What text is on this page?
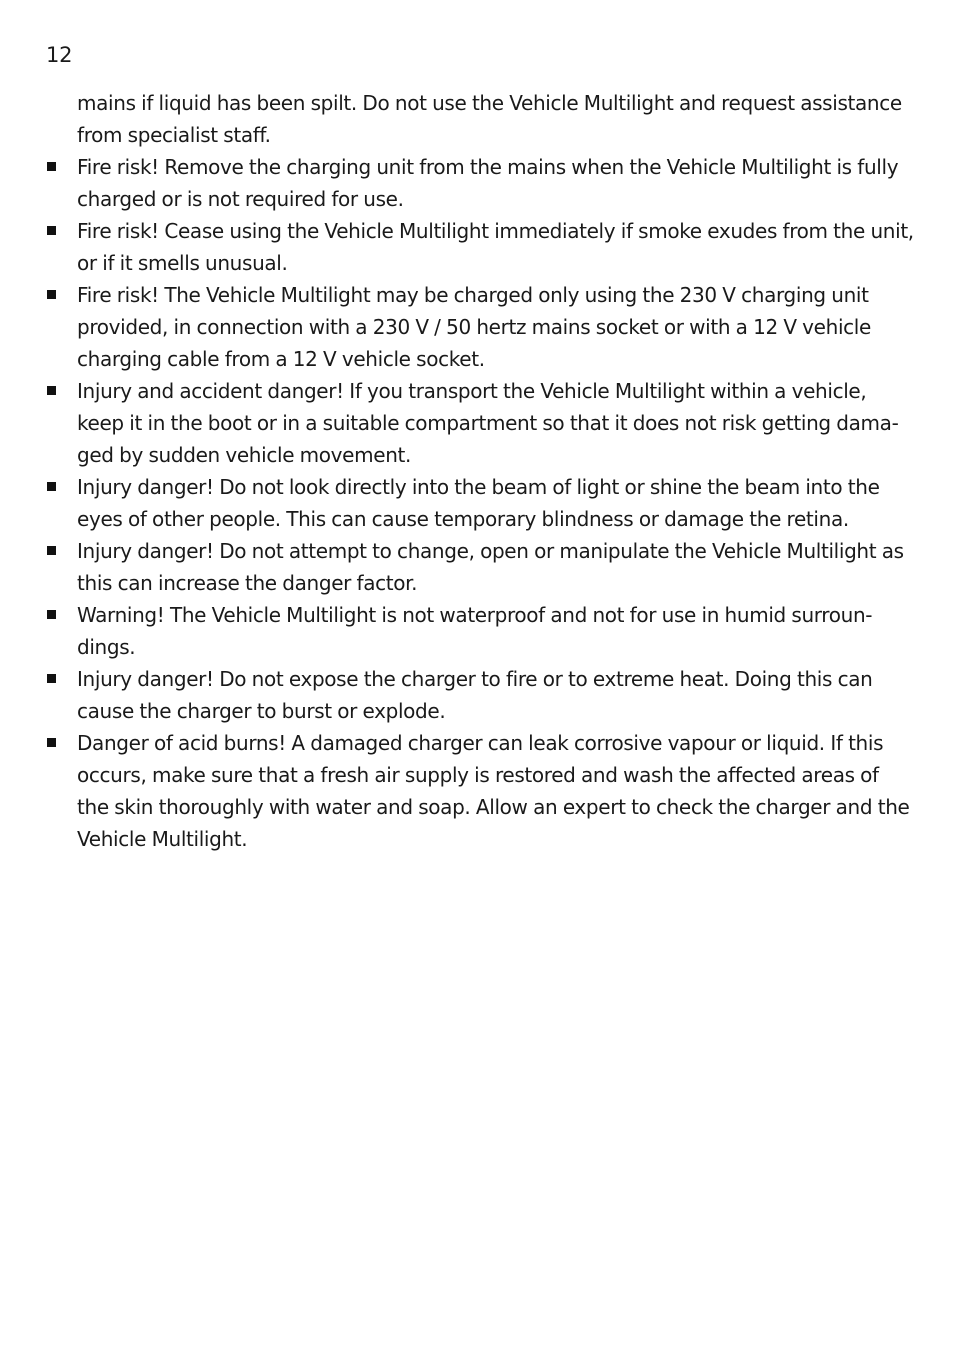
12

mains if liquid has been spilt. Do not use the Vehicle Multilight and request assistance from specialist staff.

Fire risk! Remove the charging unit from the mains when the Vehicle Multilight is fully charged or is not required for use.
Fire risk! Cease using the Vehicle Multilight immediately if smoke exudes from the unit, or if it smells unusual.
Fire risk! The Vehicle Multilight may be charged only using the 230 V charging unit provided, in connection with a 230 V / 50 hertz mains socket or with a 12 V vehicle charging cable from a 12 V vehicle socket.
Injury and accident danger! If you transport the Vehicle Multilight within a vehicle, keep it in the boot or in a suitable compartment so that it does not risk getting dama-ged by sudden vehicle movement.
Injury danger! Do not look directly into the beam of light or shine the beam into the eyes of other people. This can cause temporary blindness or damage the retina.
Injury danger! Do not attempt to change, open or manipulate the Vehicle Multilight as this can increase the danger factor.
Warning! The Vehicle Multilight is not waterproof and not for use in humid surroun-dings.
Injury danger! Do not expose the charger to fire or to extreme heat. Doing this can cause the charger to burst or explode.
Danger of acid burns! A damaged charger can leak corrosive vapour or liquid. If this occurs, make sure that a fresh air supply is restored and wash the affected areas of the skin thoroughly with water and soap. Allow an expert to check the charger and the Vehicle Multilight.
